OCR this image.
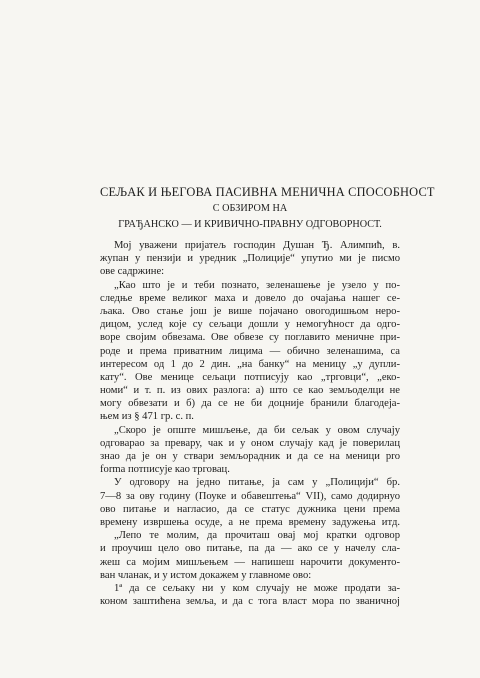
СЕЉАК И ЊЕГОВА ПАСИВНА МЕНИЧНА СПОСОБНОСТ
С ОБЗИРОМ НА
ГРАЂАНСКО — И КРИВИЧНО-ПРАВНУ ОДГОВОРНОСТ.
Мој уважени пријатељ господин Душан Ђ. Алимпић, в.
жупан у пензији и уредник „Полиције“ упутио ми је писмо
ове садржине:
„Као што је и теби познато, зеленашење је узело у по-
следње време великог маха и довело до очајања нашег се-
љака. Ово стање још је више појачано овогодишњом нерo-
дицом, услед које су сељаци дошли у немогућност да одго-
воре својим обвезама. Ове обвезе су поглавито меничне при-
роде и према приватним лицима — обично зеленашима, са
интересом од 1 до 2 дин. „на банку“ на меницу „у дупли-
кату“. Ове менице сељаци потписују као „трговци“, „еко-
номи“ и т. п. из ових разлога: а) што се као земљоделци не
могу обвезати и б) да се не би доцније бранили благодеја-
њем из § 471 гр. с. п.
„Скоро је опште мишљење, да би сељак у овом случају
одговарао за превару, чак и у оном случају кад је поверилац
знао да је он у ствари земљорадник и да се на меници pro
forma потписује као трговац.
У одговору на једно питање, ја сам у „Полицији“ бр.
7—8 за ову годину (Поуке и обавештења“ VII), само додирнуо
ово питање и нагласио, да се статус дужника цени према
времену извршења осуде, а не према времену задужења итд.
„Лепо те молим, да прочиташ овај мој кратки одговор
и проучиш цело ово питање, па да — ако се у начелу сла-
жеш са мојим мишљењем — напишеш нарочити документо-
ван чланак, и у истом докажем у главноме ово:
1ª да се сељаку ни у ком случају не може продати за-
коном заштићена земља, и да с тога власт мора по званичној
